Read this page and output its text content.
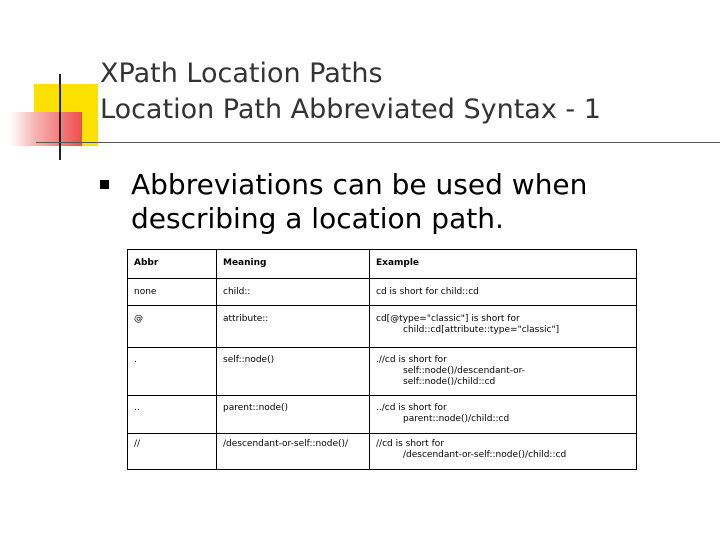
XPath Location Paths
Location Path Abbreviated Syntax - 1
Abbreviations can be used when describing a location path.
Abbr	Meaning	Example
none	child::	cd is short for child::cd

@	attribute::	cd[@type="classic"] is short for
child::cd[attribute::type="classic"]

.	self::node()	.//cd is short for
self::node()/descendant-or-
self::node()/child::cd

..	parent::node()	../cd is short for
parent::node()/child::cd

//	/descendant-or-self::node()/	//cd is short for
/descendant-or-self::node()/child::cd
